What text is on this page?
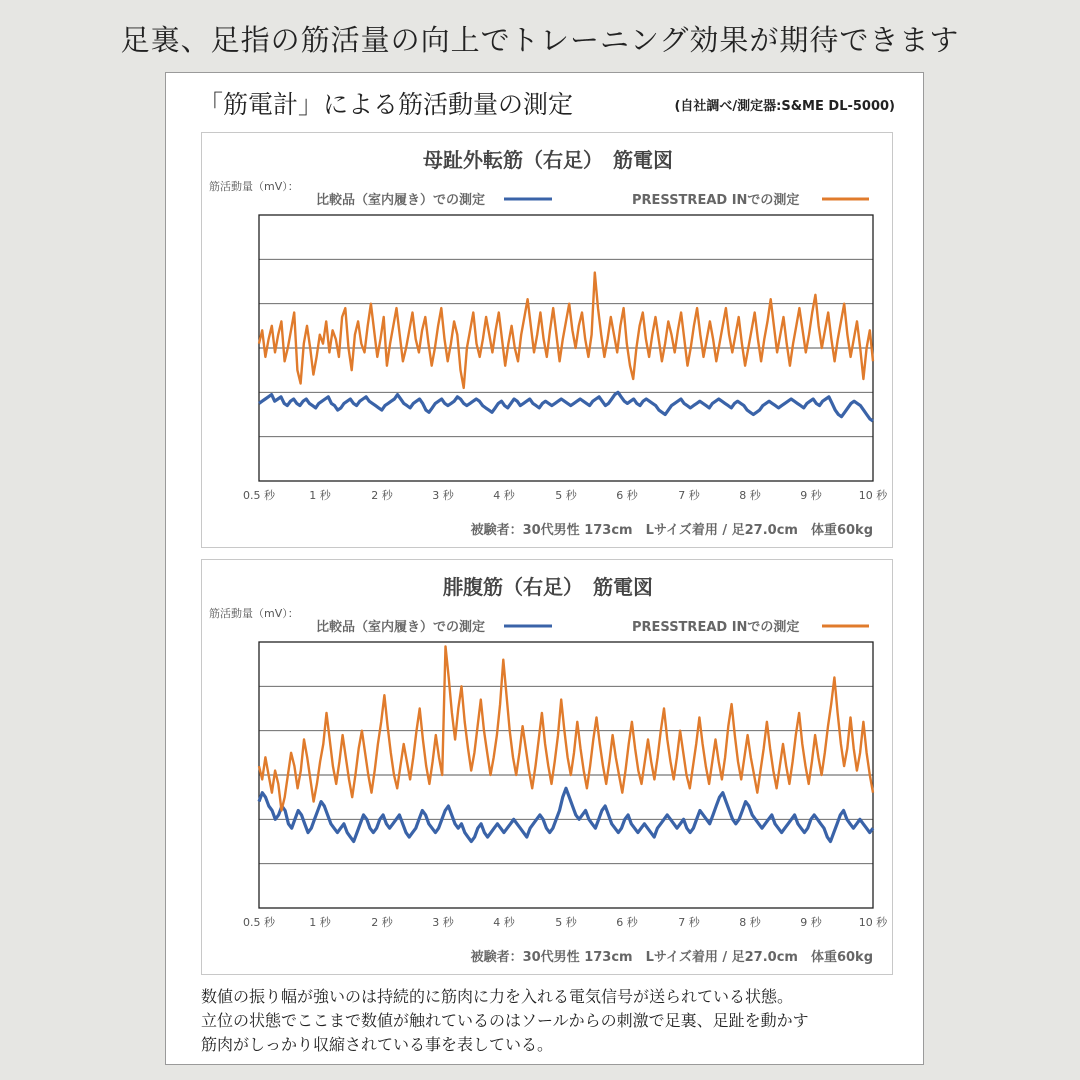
足裏、足指の筋活量の向上でトレーニング効果が期待できます
「筋電計」による筋活動量の測定	(自社調べ/測定器:S&ME DL-5000)
母趾外転筋（右足）　筋電図
筋活動量（mV）：
比較品（室内履き）での測定	PRESSTREAD INでの測定
0.5 秒	1 秒	2 秒	3 秒	4 秒	5 秒	6 秒	7 秒	8 秒	9 秒	10 秒
被験者：30代男性 173cm　Lサイズ着用 / 足27.0cm　体重60kg
腓腹筋（右足）　筋電図
筋活動量（mV）：
比較品（室内履き）での測定	PRESSTREAD INでの測定
0.5 秒	1 秒	2 秒	3 秒	4 秒	5 秒	6 秒	7 秒	8 秒	9 秒	10 秒
被験者：30代男性 173cm　Lサイズ着用 / 足27.0cm　体重60kg
数値の振り幅が強いのは持続的に筋肉に力を入れる電気信号が送られている状態。
立位の状態でここまで数値が触れているのはソールからの刺激で足裏、足趾を動かす
筋肉がしっかり収縮されている事を表している。
